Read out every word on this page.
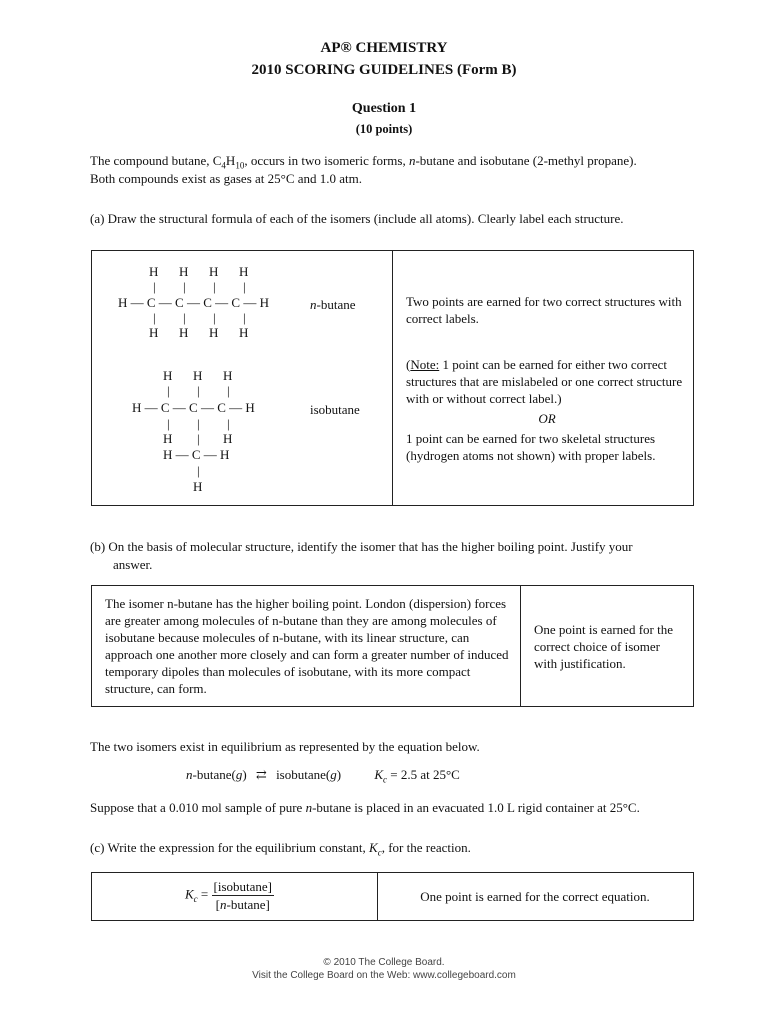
AP® CHEMISTRY
2010 SCORING GUIDELINES (Form B)
Question 1
(10 points)
The compound butane, $C_4H_{10}$, occurs in two isomeric forms, n-butane and isobutane (2-methyl propane).
Both compounds exist as gases at 25°C and 1.0 atm.
(a) Draw the structural formula of each of the isomers (include all atoms). Clearly label each structure.
H H H H
| | | |
H — C — C — C — C — H
| | | |
H H H H
n-butane
H H H
| | |
H — C — C — C — H
| | |
H | H
H — C — H
|
H
isobutane
Two points are earned for two correct structures with correct labels.
(Note: 1 point can be earned for either two correct structures that are mislabeled or one correct structure with or without correct label.)
OR
1 point can be earned for two skeletal structures (hydrogen atoms not shown) with proper labels.
(b) On the basis of molecular structure, identify the isomer that has the higher boiling point. Justify your
answer.
The isomer n-butane has the higher boiling point. London (dispersion) forces are greater among molecules of n-butane than they are among molecules of isobutane because molecules of n-butane, with its linear structure, can approach one another more closely and can form a greater number of induced temporary dipoles than molecules of isobutane, with its more compact structure, can form.
One point is earned for the correct choice of isomer with justification.
The two isomers exist in equilibrium as represented by the equation below.
n-butane(g) ⇄ isobutane(g)	$K_c = 2.5$ at 25°C
Suppose that a 0.010 mol sample of pure n-butane is placed in an evacuated 1.0 L rigid container at 25°C.
(c) Write the expression for the equilibrium constant, $K_c$, for the reaction.
$K_c = \frac{\text{[isobutane]}}{[n-butane]}$	One point is earned for the correct equation.
© 2010 The College Board.
Visit the College Board on the Web: www.collegeboard.com
